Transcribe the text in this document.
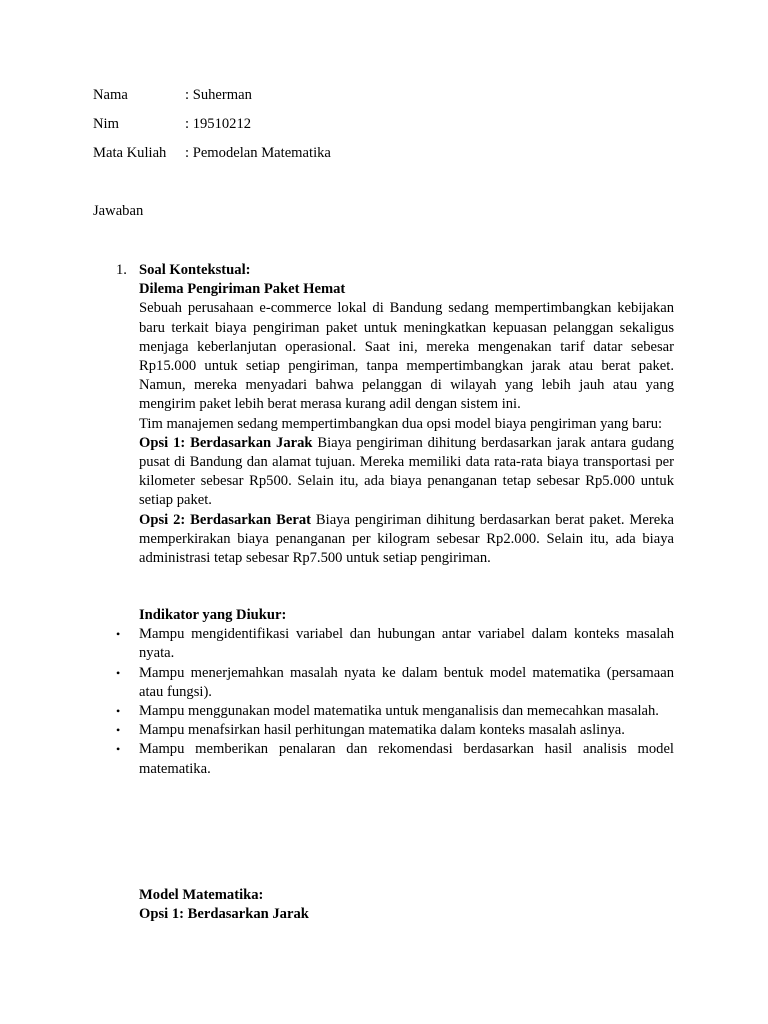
Nama	: Suherman
Nim	: 19510212
Mata Kuliah : Pemodelan Matematika
Jawaban
1. Soal Kontekstual:

Dilema Pengiriman Paket Hemat

Sebuah perusahaan e-commerce lokal di Bandung sedang mempertimbangkan kebijakan baru terkait biaya pengiriman paket untuk meningkatkan kepuasan pelanggan sekaligus menjaga keberlanjutan operasional. Saat ini, mereka mengenakan tarif datar sebesar Rp15.000 untuk setiap pengiriman, tanpa mempertimbangkan jarak atau berat paket. Namun, mereka menyadari bahwa pelanggan di wilayah yang lebih jauh atau yang mengirim paket lebih berat merasa kurang adil dengan sistem ini.

Tim manajemen sedang mempertimbangkan dua opsi model biaya pengiriman yang baru:

Opsi 1: Berdasarkan Jarak Biaya pengiriman dihitung berdasarkan jarak antara gudang pusat di Bandung dan alamat tujuan. Mereka memiliki data rata-rata biaya transportasi per kilometer sebesar Rp500. Selain itu, ada biaya penanganan tetap sebesar Rp5.000 untuk setiap paket.

Opsi 2: Berdasarkan Berat Biaya pengiriman dihitung berdasarkan berat paket. Mereka memperkirakan biaya penanganan per kilogram sebesar Rp2.000. Selain itu, ada biaya administrasi tetap sebesar Rp7.500 untuk setiap pengiriman.

Indikator yang Diukur:

• Mampu mengidentifikasi variabel dan hubungan antar variabel dalam konteks masalah nyata.
• Mampu menerjemahkan masalah nyata ke dalam bentuk model matematika (persamaan atau fungsi).
• Mampu menggunakan model matematika untuk menganalisis dan memecahkan masalah.
• Mampu menafsirkan hasil perhitungan matematika dalam konteks masalah aslinya.
• Mampu memberikan penalaran dan rekomendasi berdasarkan hasil analisis model matematika.

Model Matematika:

Opsi 1: Berdasarkan Jarak
